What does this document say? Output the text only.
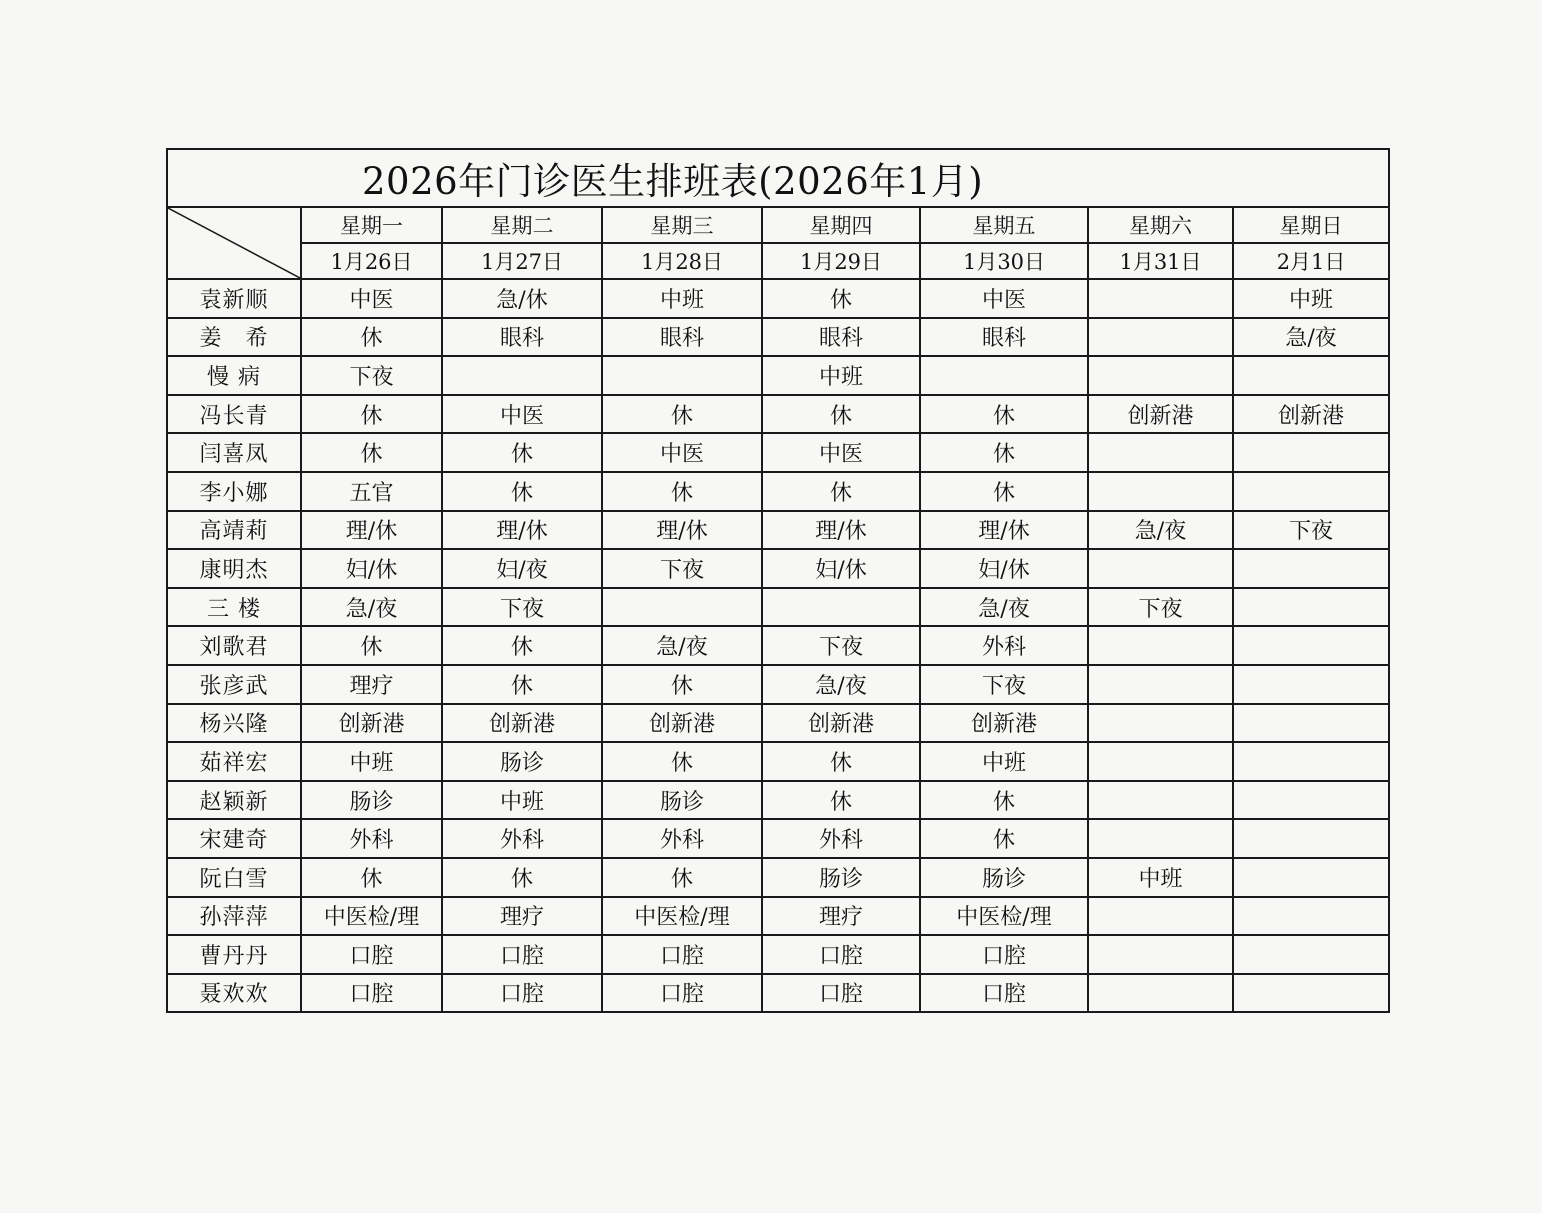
2026年门诊医生排班表(2026年1月)							

	星期一	星期二	星期三	星期四	星期五	星期六	星期日
	1月26日	1月27日	1月28日	1月29日	1月30日	1月31日	2月1日
袁新顺	中医	急/休	中班	休	中医		中班
姜　希	休	眼科	眼科	眼科	眼科		急/夜
慢 病	下夜			中班			
冯长青	休	中医	休	休	休	创新港	创新港
闫喜凤	休	休	中医	中医	休		
李小娜	五官	休	休	休	休		
高靖莉	理/休	理/休	理/休	理/休	理/休	急/夜	下夜
康明杰	妇/休	妇/夜	下夜	妇/休	妇/休		
三 楼	急/夜	下夜			急/夜	下夜	
刘歌君	休	休	急/夜	下夜	外科		
张彦武	理疗	休	休	急/夜	下夜		
杨兴隆	创新港	创新港	创新港	创新港	创新港		
茹祥宏	中班	肠诊	休	休	中班		
赵颖新	肠诊	中班	肠诊	休	休		
宋建奇	外科	外科	外科	外科	休		
阮白雪	休	休	休	肠诊	肠诊	中班	
孙萍萍	中医检/理	理疗	中医检/理	理疗	中医检/理		
曹丹丹	口腔	口腔	口腔	口腔	口腔		
聂欢欢	口腔	口腔	口腔	口腔	口腔		
